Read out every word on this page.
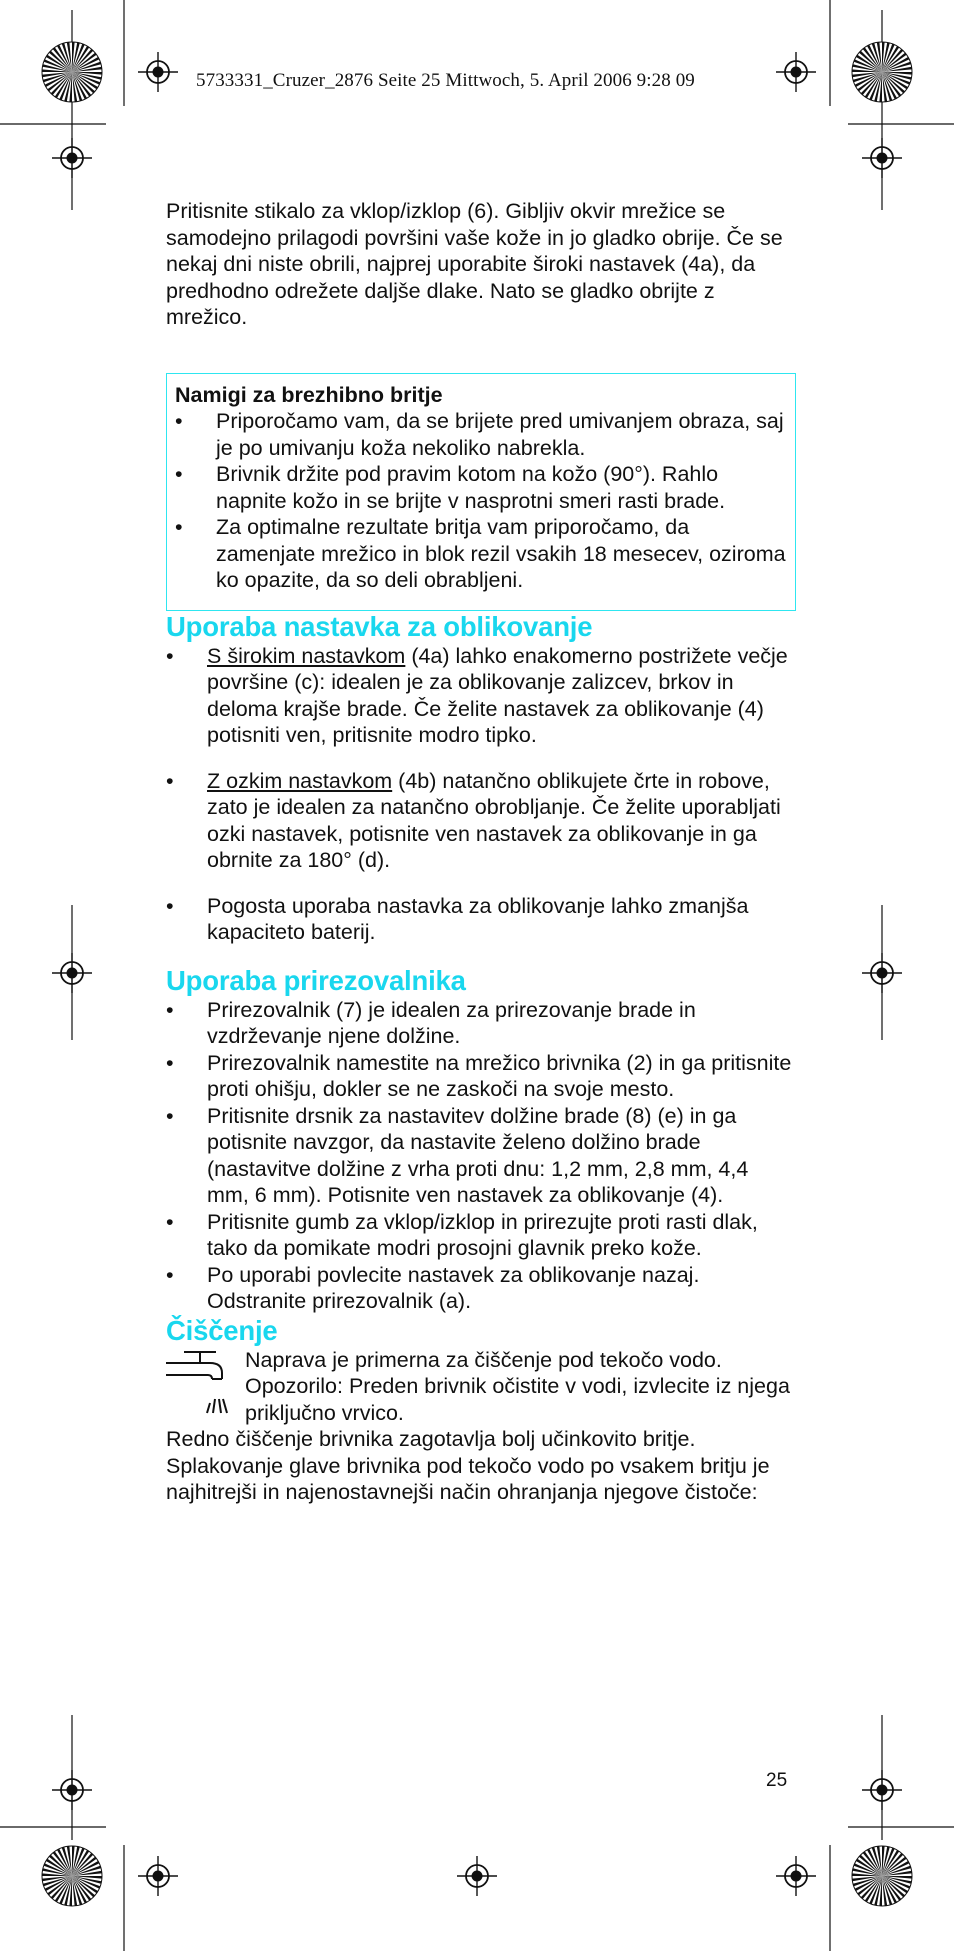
5733331_Cruzer_2876 Seite 25 Mittwoch, 5. April 2006 9:28 09

Pritisnite stikalo za vklop/izklop (6). Gibljiv okvir mrežice se samodejno prilagodi površini vaše kože in jo gladko obrije. Če se nekaj dni niste obrili, najprej uporabite široki nastavek (4a), da predhodno odrežete daljše dlake. Nato se gladko obrijte z mrežico.

Namigi za brezhibno britje
• Priporočamo vam, da se brijete pred umivanjem obraza, saj je po umivanju koža nekoliko nabrekla.
• Brivnik držite pod pravim kotom na kožo (90°). Rahlo napnite kožo in se brijte v nasprotni smeri rasti brade.
• Za optimalne rezultate britja vam priporočamo, da zamenjate mrežico in blok rezil vsakih 18 mesecev, oziroma ko opazite, da so deli obrabljeni.
Uporaba nastavka za oblikovanje
• S širokim nastavkom (4a) lahko enakomerno postrižete večje površine (c): idealen je za oblikovanje zalizcev, brkov in deloma krajše brade. Če želite nastavek za oblikovanje (4) potisniti ven, pritisnite modro tipko.
• Z ozkim nastavkom (4b) natančno oblikujete črte in robove, zato je idealen za natančno obrobljanje. Če želite uporabljati ozki nastavek, potisnite ven nastavek za oblikovanje in ga obrnite za 180° (d).
• Pogosta uporaba nastavka za oblikovanje lahko zmanjša kapaciteto baterij.
Uporaba prirezovalnika
• Prirezovalnik (7) je idealen za prirezovanje brade in vzdrževanje njene dolžine.
• Prirezovalnik namestite na mrežico brivnika (2) in ga pritisnite proti ohišju, dokler se ne zaskoči na svoje mesto.
• Pritisnite drsnik za nastavitev dolžine brade (8) (e) in ga potisnite navzgor, da nastavite želeno dolžino brade (nastavitve dolžine z vrha proti dnu: 1,2 mm, 2,8 mm, 4,4 mm, 6 mm). Potisnite ven nastavek za oblikovanje (4).
• Pritisnite gumb za vklop/izklop in prirezujte proti rasti dlak, tako da pomikate modri prosojni glavnik preko kože.
• Po uporabi povlecite nastavek za oblikovanje nazaj. Odstranite prirezovalnik (a).
Čiščenje

Naprava je primerna za čiščenje pod tekočo vodo. Opozorilo: Preden brivnik očistite v vodi, izvlecite iz njega priključno vrvico.

Redno čiščenje brivnika zagotavlja bolj učinkovito britje. Splakovanje glave brivnika pod tekočo vodo po vsakem britju je najhitrejši in najenostavnejši način ohranjanja njegove čistoče:

25
